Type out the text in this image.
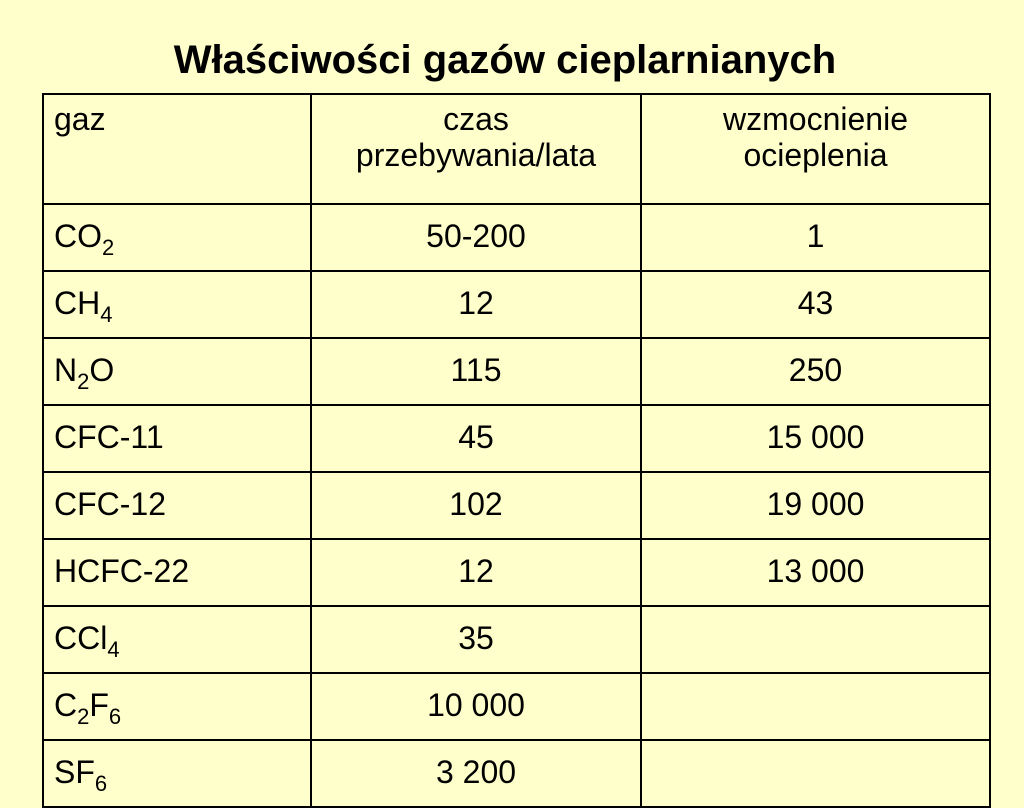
Właściwości gazów cieplarnianych
gaz	czas przebywania/lata	wzmocnienie ocieplenia
$CO_2$	50-200	1
$CH_4$	12	43
$N_2O$	115	250
CFC-11	45	15 000
CFC-12	102	19 000
HCFC-22	12	13 000
CCl$_4$	35	
$C_2F_6$	10 000	
$SF_6$	3 200	
